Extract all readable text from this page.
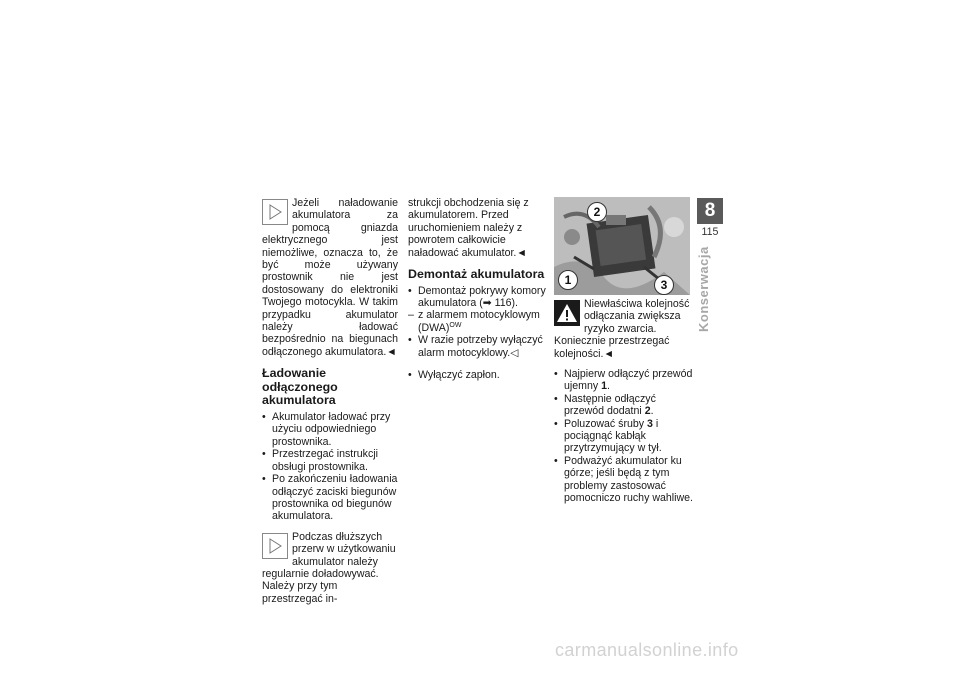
Jeżeli naładowanie akumulatora za pomocą gniazda elektrycznego jest niemożliwe, oznacza to, że być może używany prostownik nie jest dostosowany do elektroniki Twojego motocykla. W takim przypadku akumulator należy ładować bezpośrednio na biegunach odłączonego akumulatora.◄

Ładowanie odłączonego akumulatora
• Akumulator ładować przy użyciu odpowiedniego prostownika.
• Przestrzegać instrukcji obsługi prostownika.
• Po zakończeniu ładowania odłączyć zaciski biegunów prostownika od biegunów akumulatora.

Podczas dłuższych przerw w użytkowaniu akumulator należy regularnie doładowywać. Należy przy tym przestrzegać in-

strukcji obchodzenia się z akumulatorem. Przed uruchomieniem należy z powrotem całkowicie naładować akumulator.◄

Demontaż akumulatora
• Demontaż pokrywy komory akumulatora (➡ 116).
– z alarmem motocyklowym (DWA)$^{OW}$
• W razie potrzeby wyłączyć alarm motocyklowy.◁
• Wyłączyć zapłon.
2
1	3

Niewłaściwa kolejność odłączania zwiększa ryzyko zwarcia.

Koniecznie przestrzegać kolejności.◄

• Najpierw odłączyć przewód ujemny 1.
• Następnie odłączyć przewód dodatni 2.
• Poluzować śruby 3 i pociągnąć kabłąk przytrzymujący w tył.
• Podważyć akumulator ku górze; jeśli będą z tym problemy zastosować pomocniczo ruchy wahliwe.
8
115
Konserwacja
carmanualsonline.info
